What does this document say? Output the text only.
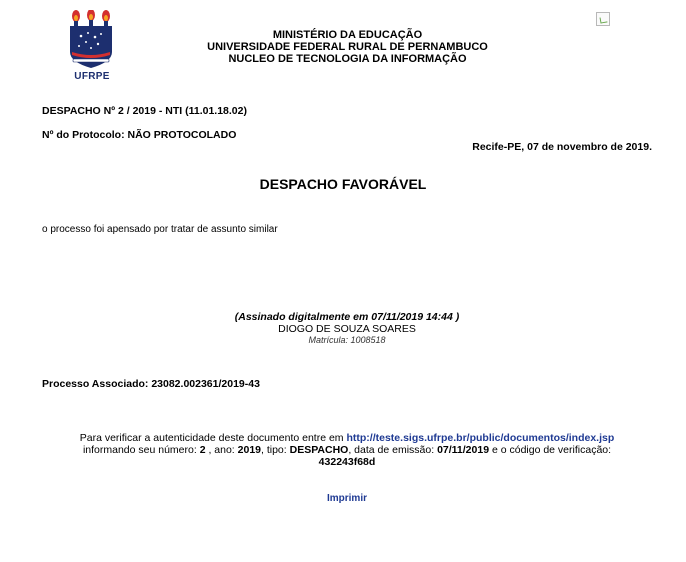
UFRPE
MINISTÉRIO DA EDUCAÇÃO
UNIVERSIDADE FEDERAL RURAL DE PERNAMBUCO
NUCLEO DE TECNOLOGIA DA INFORMAÇÃO
DESPACHO Nº 2 / 2019 - NTI (11.01.18.02)
Nº do Protocolo: NÃO PROTOCOLADO
Recife-PE, 07 de novembro de 2019.
DESPACHO FAVORÁVEL
o processo foi apensado por tratar de assunto similar
(Assinado digitalmente em 07/11/2019 14:44 )
DIOGO DE SOUZA SOARES
Matrícula: 1008518
Processo Associado: 23082.002361/2019-43
Para verificar a autenticidade deste documento entre em http://teste.sigs.ufrpe.br/public/documentos/index.jsp
informando seu número: 2 , ano: 2019, tipo: DESPACHO, data de emissão: 07/11/2019 e o código de verificação:
432243f68d
Imprimir
